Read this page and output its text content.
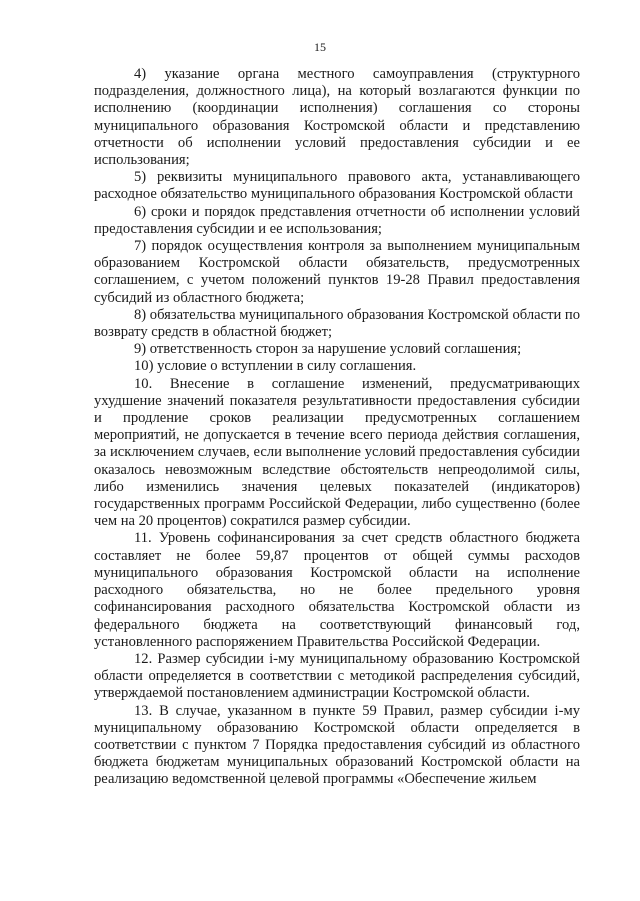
15

4) указание органа местного самоуправления (структурного подразделения, должностного лица), на который возлагаются функции по исполнению (координации исполнения) соглашения со стороны муниципального образования Костромской области и представлению отчетности об исполнении условий предоставления субсидии и ее использования;

5) реквизиты муниципального правового акта, устанавливающего расходное обязательство муниципального образования Костромской области

6) сроки и порядок представления отчетности об исполнении условий предоставления субсидии и ее использования;

7) порядок осуществления контроля за выполнением муниципальным образованием Костромской области обязательств, предусмотренных соглашением, с учетом положений пунктов 19-28 Правил предоставления субсидий из областного бюджета;

8) обязательства муниципального образования Костромской области по возврату средств в областной бюджет;

9) ответственность сторон за нарушение условий соглашения;

10) условие о вступлении в силу соглашения.

10. Внесение в соглашение изменений, предусматривающих ухудшение значений показателя результативности предоставления субсидии и продление сроков реализации предусмотренных соглашением мероприятий, не допускается в течение всего периода действия соглашения, за исключением случаев, если выполнение условий предоставления субсидии оказалось невозможным вследствие обстоятельств непреодолимой силы, либо изменились значения целевых показателей (индикаторов) государственных программ Российской Федерации, либо существенно (более чем на 20 процентов) сократился размер субсидии.

11. Уровень софинансирования за счет средств областного бюджета составляет не более 59,87 процентов от общей суммы расходов муниципального образования Костромской области на исполнение расходного обязательства, но не более предельного уровня софинансирования расходного обязательства Костромской области из федерального бюджета на соответствующий финансовый год, установленного распоряжением Правительства Российской Федерации.

12. Размер субсидии i-му муниципальному образованию Костромской области определяется в соответствии с методикой распределения субсидий, утверждаемой постановлением администрации Костромской области.

13. В случае, указанном в пункте 59 Правил, размер субсидии i-му муниципальному образованию Костромской области определяется в соответствии с пунктом 7 Порядка предоставления субсидий из областного бюджета бюджетам муниципальных образований Костромской области на реализацию ведомственной целевой программы «Обеспечение жильем
